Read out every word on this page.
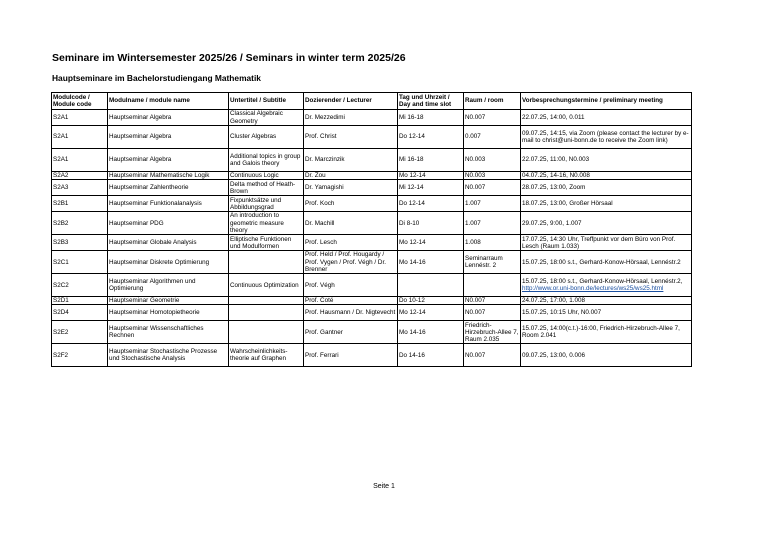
Seminare im Wintersemester 2025/26 / Seminars in winter term 2025/26
Hauptseminare im Bachelorstudiengang Mathematik
Modulcode / Module code	Modulname / module name	Untertitel / Subtitle	Dozierender / Lecturer	Tag und Uhrzeit / Day and time slot	Raum / room	Vorbesprechungstermine / preliminary meeting
S2A1	Hauptseminar Algebra	Classical Algebraic Geometry	Dr. Mezzedimi	Mi 16-18	N0.007	22.07.25, 14:00, 0.011
S2A1	Hauptseminar Algebra	Cluster Algebras	Prof. Christ	Do 12-14	0.007	09.07.25, 14:15, via Zoom (please contact the lecturer by e-mail to christ@uni-bonn.de to receive the Zoom link)
S2A1	Hauptseminar Algebra	Additional topics in group and Galois theory	Dr. Marczinzik	Mi 16-18	N0.003	22.07.25, 11:00, N0.003
S2A2	Hauptseminar Mathematische Logik	Continuous Logic	Dr. Zou	Mo 12-14	N0.003	04.07.25, 14-16, N0.008
S2A3	Hauptseminar Zahlentheorie	Delta method of Heath-Brown	Dr. Yamagishi	Mi 12-14	N0.007	28.07.25, 13:00, Zoom
S2B1	Hauptseminar Funktionalanalysis	Fixpunktsätze und Abbildungsgrad	Prof. Koch	Do 12-14	1.007	18.07.25, 13:00, Großer Hörsaal
S2B2	Hauptseminar PDG	An introduction to geometric measure theory	Dr. Machill	Di 8-10	1.007	29.07.25, 9:00, 1.007
S2B3	Hauptseminar Globale Analysis	Elliptische Funktionen und Modulformen	Prof. Lesch	Mo 12-14	1.008	17.07.25, 14:30 Uhr, Treffpunkt vor dem Büro von Prof. Lesch (Raum 1.033)
S2C1	Hauptseminar Diskrete Optimierung		Prof. Held / Prof. Hougardy / Prof. Vygen / Prof. Végh / Dr. Brenner	Mo 14-16	Seminarraum Lennéstr. 2	15.07.25, 18:00 s.t., Gerhard-Konow-Hörsaal, Lennéstr.2
S2C2	Hauptseminar Algorithmen und Optimierung	Continuous Optimization	Prof. Végh			15.07.25, 18:00 s.t., Gerhard-Konow-Hörsaal, Lennéstr.2,
http://www.or.uni-bonn.de/lectures/ws25/ws25.html
S2D1	Hauptseminar Geometrie		Prof. Coté	Do 10-12	N0.007	24.07.25, 17:00, 1.008
S2D4	Hauptseminar Homotopietheorie		Prof. Hausmann / Dr. Nigtevecht	Mo 12-14	N0.007	15.07.25, 10:15 Uhr, N0.007
S2E2	Hauptseminar Wissenschaftliches Rechnen		Prof. Gantner	Mo 14-16	Friedrich-Hirzebruch-Allee 7, Raum 2.035	15.07.25, 14:00(c.t.)-16:00, Friedrich-Hirzebruch-Allee 7, Room 2.041
S2F2	Hauptseminar Stochastische Prozesse und Stochastische Analysis	Wahrscheinlichkeits-theorie auf Graphen	Prof. Ferrari	Do 14-16	N0.007	09.07.25, 13:00, 0.006
Seite 1
